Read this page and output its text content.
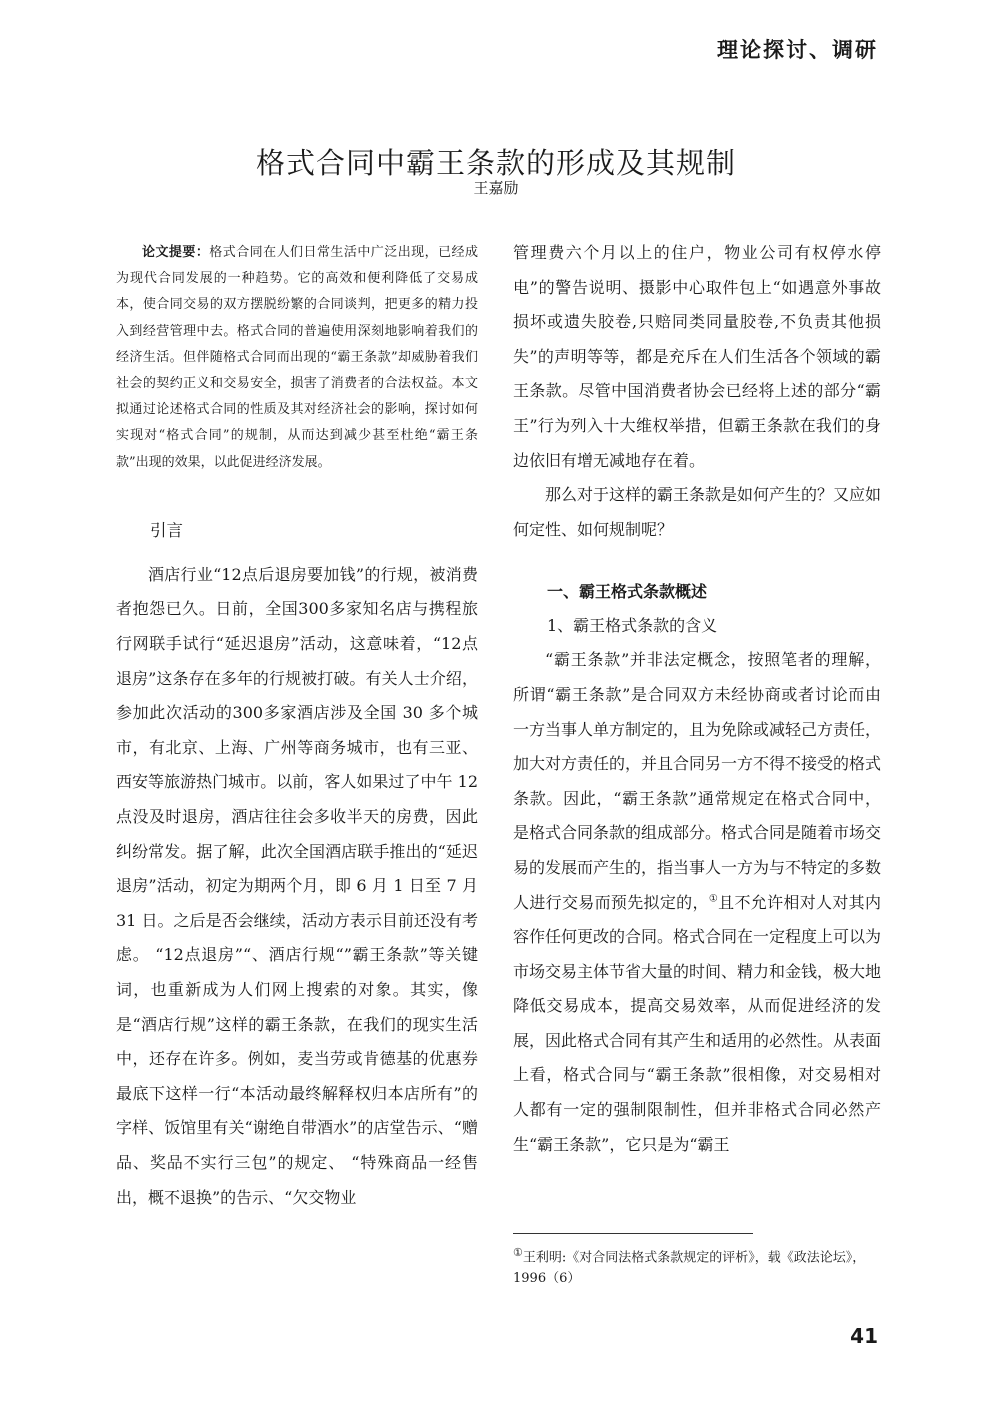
理论探讨、调研
格式合同中霸王条款的形成及其规制
王嘉励

论文提要：格式合同在人们日常生活中广泛出现，已经成为现代合同发展的一种趋势。它的高效和便利降低了交易成本，使合同交易的双方摆脱纷繁的合同谈判，把更多的精力投入到经营管理中去。格式合同的普遍使用深刻地影响着我们的经济生活。但伴随格式合同而出现的“霸王条款”却威胁着我们社会的契约正义和交易安全，损害了消费者的合法权益。本文拟通过论述格式合同的性质及其对经济社会的影响，探讨如何实现对“格式合同”的规制，从而达到减少甚至杜绝“霸王条款”出现的效果，以此促进经济发展。

引言

酒店行业“12点后退房要加钱”的行规，被消费者抱怨已久。日前，全国300多家知名店与携程旅行网联手试行“延迟退房”活动，这意味着，“12点退房”这条存在多年的行规被打破。有关人士介绍，参加此次活动的300多家酒店涉及全国 30 多个城市，有北京、上海、广州等商务城市，也有三亚、西安等旅游热门城市。以前，客人如果过了中午 12 点没及时退房，酒店往往会多收半天的房费，因此纠纷常发。据了解，此次全国酒店联手推出的“延迟退房”活动，初定为期两个月，即 6 月 1 日至 7 月 31 日。之后是否会继续，活动方表示目前还没有考虑。 “12点退房”“、酒店行规“”霸王条款”等关键词，也重新成为人们网上搜索的对象。其实，像是“酒店行规”这样的霸王条款，在我们的现实生活中，还存在许多。例如，麦当劳或肯德基的优惠券最底下这样一行“本活动最终解释权归本店所有”的字样、饭馆里有关“谢绝自带酒水”的店堂告示、“赠品、奖品不实行三包”的规定、 “特殊商品一经售出，概不退换”的告示、“欠交物业

管理费六个月以上的住户，物业公司有权停水停电”的警告说明、摄影中心取件包上“如遇意外事故损坏或遗失胶卷,只赔同类同量胶卷,不负责其他损失”的声明等等，都是充斥在人们生活各个领域的霸王条款。尽管中国消费者协会已经将上述的部分“霸王”行为列入十大维权举措，但霸王条款在我们的身边依旧有增无减地存在着。

那么对于这样的霸王条款是如何产生的？又应如何定性、如何规制呢？

一、霸王格式条款概述
1、霸王格式条款的含义

“霸王条款”并非法定概念，按照笔者的理解，所谓“霸王条款”是合同双方未经协商或者讨论而由一方当事人单方制定的，且为免除或减轻己方责任，加大对方责任的，并且合同另一方不得不接受的格式条款。因此，“霸王条款”通常规定在格式合同中，是格式合同条款的组成部分。格式合同是随着市场交易的发展而产生的，指当事人一方为与不特定的多数人进行交易而预先拟定的，①且不允许相对人对其内容作任何更改的合同。格式合同在一定程度上可以为市场交易主体节省大量的时间、精力和金钱，极大地降低交易成本，提高交易效率，从而促进经济的发展，因此格式合同有其产生和适用的必然性。从表面上看，格式合同与“霸王条款”很相像，对交易相对人都有一定的强制限制性，但并非格式合同必然产生“霸王条款”，它只是为“霸王

①王利明:《对合同法格式条款规定的评析》，载《政法论坛》，1996（6）
41
